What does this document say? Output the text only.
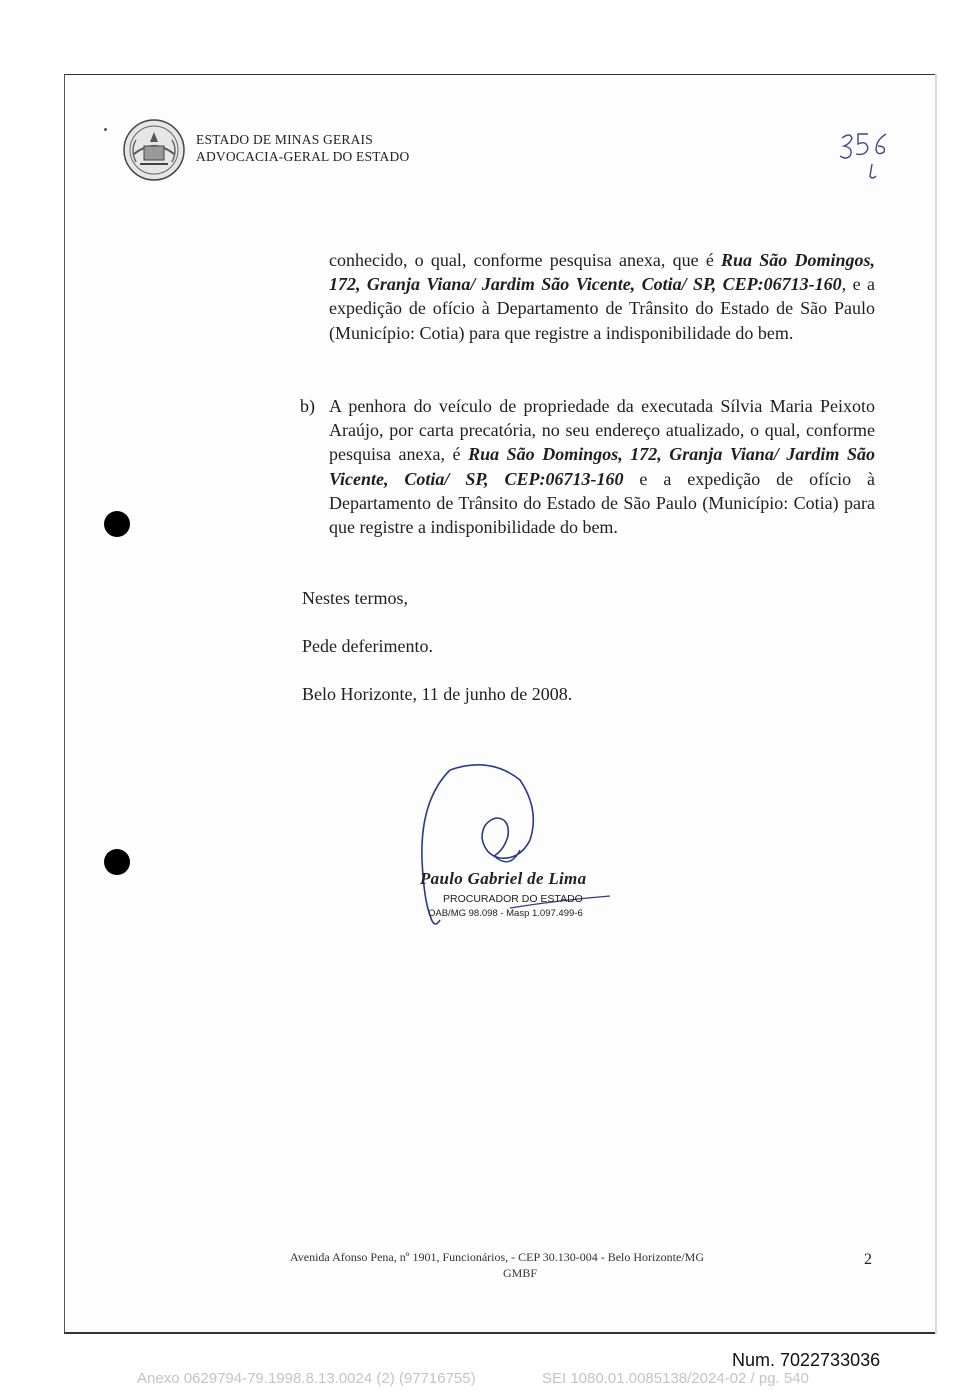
ESTADO DE MINAS GERAIS
ADVOCACIA-GERAL DO ESTADO
conhecido, o qual, conforme pesquisa anexa, que é Rua São Domingos, 172, Granja Viana/ Jardim São Vicente, Cotia/ SP, CEP:06713-160, e a expedição de ofício à Departamento de Trânsito do Estado de São Paulo (Município: Cotia) para que registre a indisponibilidade do bem.
b) A penhora do veículo de propriedade da executada Sílvia Maria Peixoto Araújo, por carta precatória, no seu endereço atualizado, o qual, conforme pesquisa anexa, é Rua São Domingos, 172, Granja Viana/ Jardim São Vicente, Cotia/ SP, CEP:06713-160 e a expedição de ofício à Departamento de Trânsito do Estado de São Paulo (Município: Cotia) para que registre a indisponibilidade do bem.
Nestes termos,
Pede deferimento.
Belo Horizonte, 11 de junho de 2008.
Paulo Gabriel de Lima
PROCURADOR DO ESTADO
OAB/MG 98.098 - Masp 1.097.499-6
Avenida Afonso Pena, nº 1901, Funcionários, - CEP 30.130-004 - Belo Horizonte/MG
GMBF
2
Num. 7022733036
Anexo 0629794-79.1998.8.13.0024 (2) (97716755)	SEI 1080.01.0085138/2024-02 / pg. 540
